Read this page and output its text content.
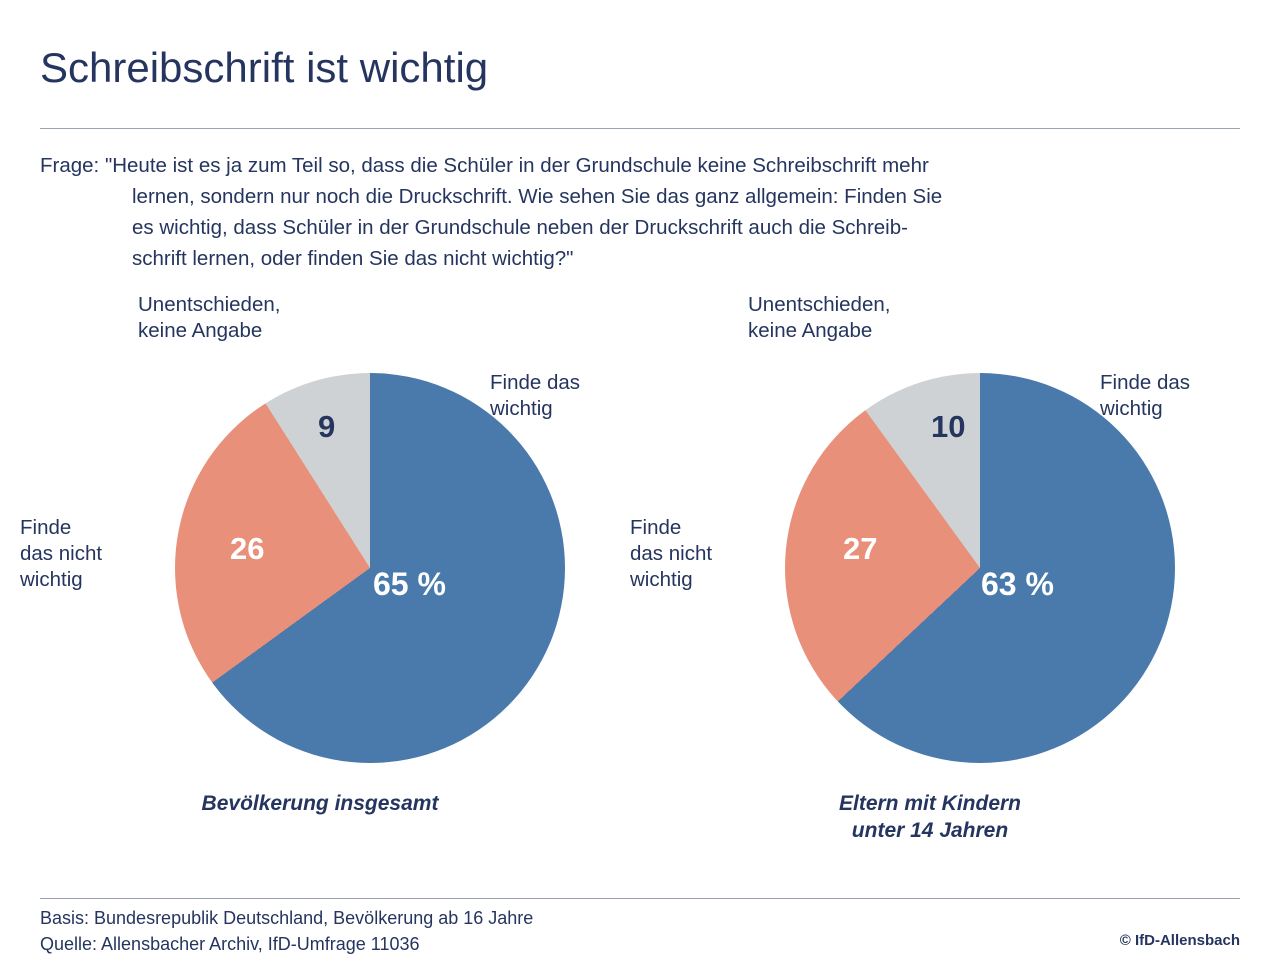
Schreibschrift ist wichtig
Frage: "Heute ist es ja zum Teil so, dass die Schüler in der Grundschule keine Schreibschrift mehr
lernen, sondern nur noch die Druckschrift. Wie sehen Sie das ganz allgemein: Finden Sie
es wichtig, dass Schüler in der Grundschule neben der Druckschrift auch die Schreib-
schrift lernen, oder finden Sie das nicht wichtig?"
Unentschieden,
keine Angabe
Finde das
wichtig
Finde
das nicht
wichtig	65 %
26
9
Bevölkerung insgesamt
Unentschieden,
keine Angabe
Finde das
wichtig
Finde
das nicht
wichtig	63 %
27
10
Eltern mit Kindern
unter 14 Jahren
Basis: Bundesrepublik Deutschland, Bevölkerung ab 16 Jahre
Quelle: Allensbacher Archiv, IfD-Umfrage 11036	© IfD-Allensbach
